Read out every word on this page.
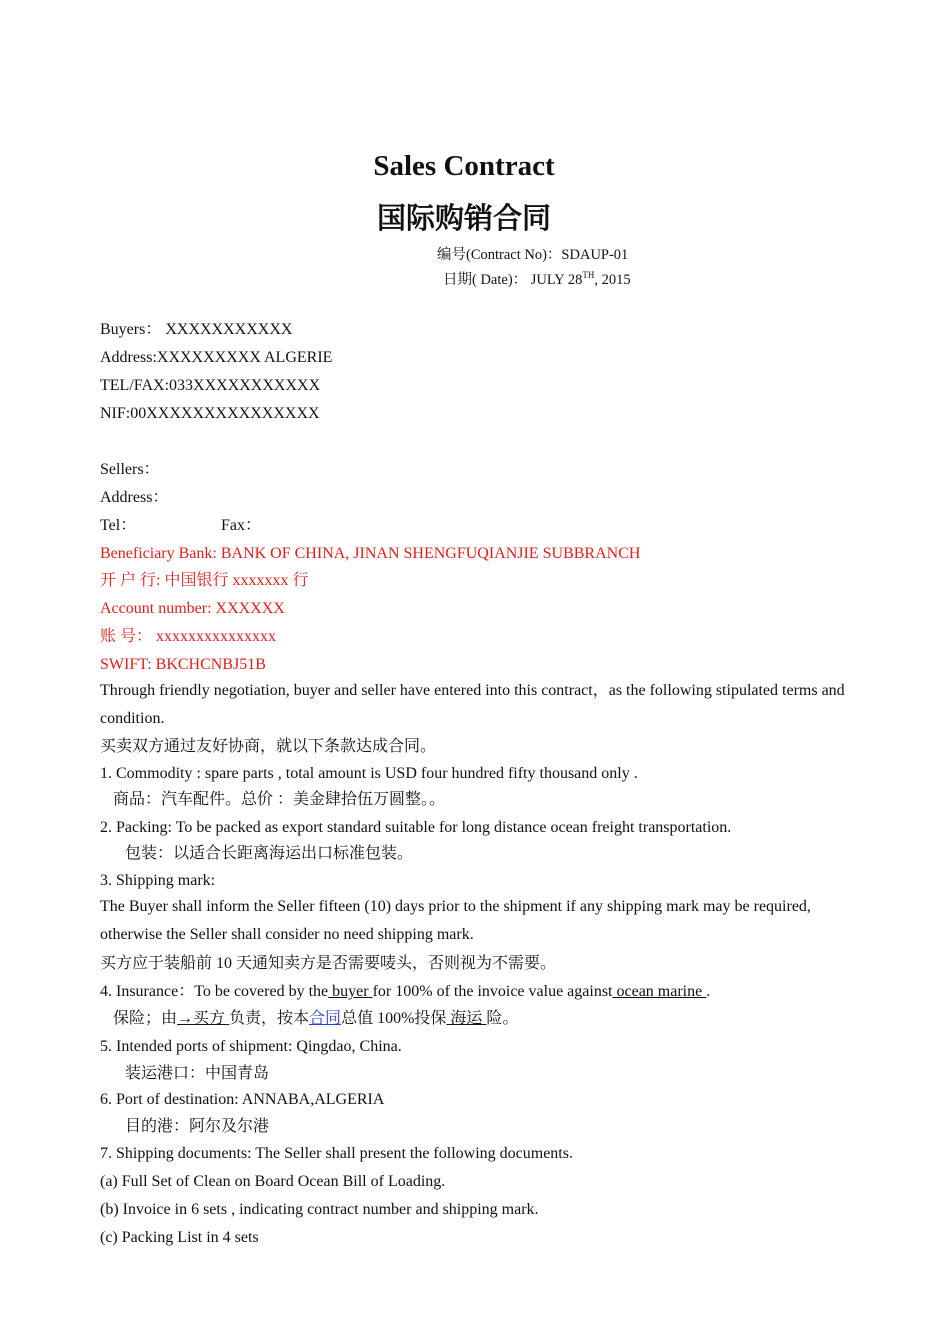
Sales Contract
国际购销合同
编号(Contract No)：SDAUP-01
日期( Date)： JULY 28TH, 2015
Buyers： XXXXXXXXXXX
Address:XXXXXXXXX ALGERIE
TEL/FAX:033XXXXXXXXXXX
NIF:00XXXXXXXXXXXXXXX
Sellers：
Address：
Tel：	Fax：
Beneficiary Bank: BANK OF CHINA, JINAN SHENGFUQIANJIE SUBBRANCH
开 户 行: 中国银行 xxxxxxx 行
Account number: XXXXXX
账 号： xxxxxxxxxxxxxxx
SWIFT: BKCHCNBJ51B
Through friendly negotiation, buyer and seller have entered into this contract，as the following stipulated terms and condition.
买卖双方通过友好协商，就以下条款达成合同。
1. Commodity : spare parts , total amount is USD four hundred fifty thousand only .
商品：汽车配件。总价 ：美金肆拾伍万圆整。。
2. Packing: To be packed as export standard suitable for long distance ocean freight transportation.
包装：以适合长距离海运出口标准包装。
3. Shipping mark:
The Buyer shall inform the Seller fifteen (10) days prior to the shipment if any shipping mark may be required, otherwise the Seller shall consider no need shipping mark.
买方应于装船前 10 天通知卖方是否需要唛头，否则视为不需要。
4. Insurance：To be covered by the buyer for 100% of the invoice value against ocean marine .
保险；由→买方 负责，按本合同总值 100%投保 海运 险。
5. Intended ports of shipment: Qingdao, China.
装运港口：中国青岛
6. Port of destination: ANNABA,ALGERIA
目的港：阿尔及尔港
7. Shipping documents: The Seller shall present the following documents.
(a) Full Set of Clean on Board Ocean Bill of Loading.
(b) Invoice in 6 sets , indicating contract number and shipping mark.
(c) Packing List in 4 sets
